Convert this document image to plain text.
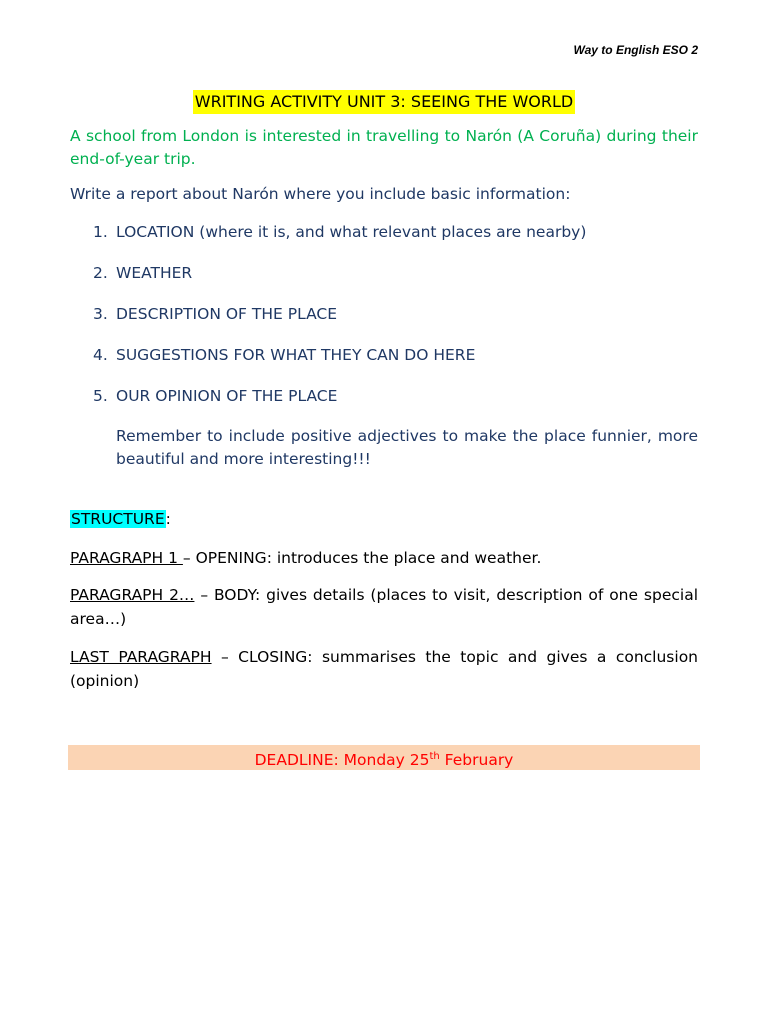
Way to English ESO 2
WRITING ACTIVITY UNIT 3: SEEING THE WORLD
A school from London is interested in travelling to Narón (A Coruña) during their end-of-year trip.
Write a report about Narón where you include basic information:
1. LOCATION (where it is, and what relevant places are nearby)
2. WEATHER
3. DESCRIPTION OF THE PLACE
4. SUGGESTIONS FOR WHAT THEY CAN DO HERE
5. OUR OPINION OF THE PLACE
Remember to include positive adjectives to make the place funnier, more beautiful and more interesting!!!
STRUCTURE:
PARAGRAPH 1 – OPENING: introduces the place and weather.
PARAGRAPH 2… – BODY: gives details (places to visit, description of one special area…)
LAST PARAGRAPH – CLOSING: summarises the topic and gives a conclusion (opinion)
DEADLINE: Monday 25th February
